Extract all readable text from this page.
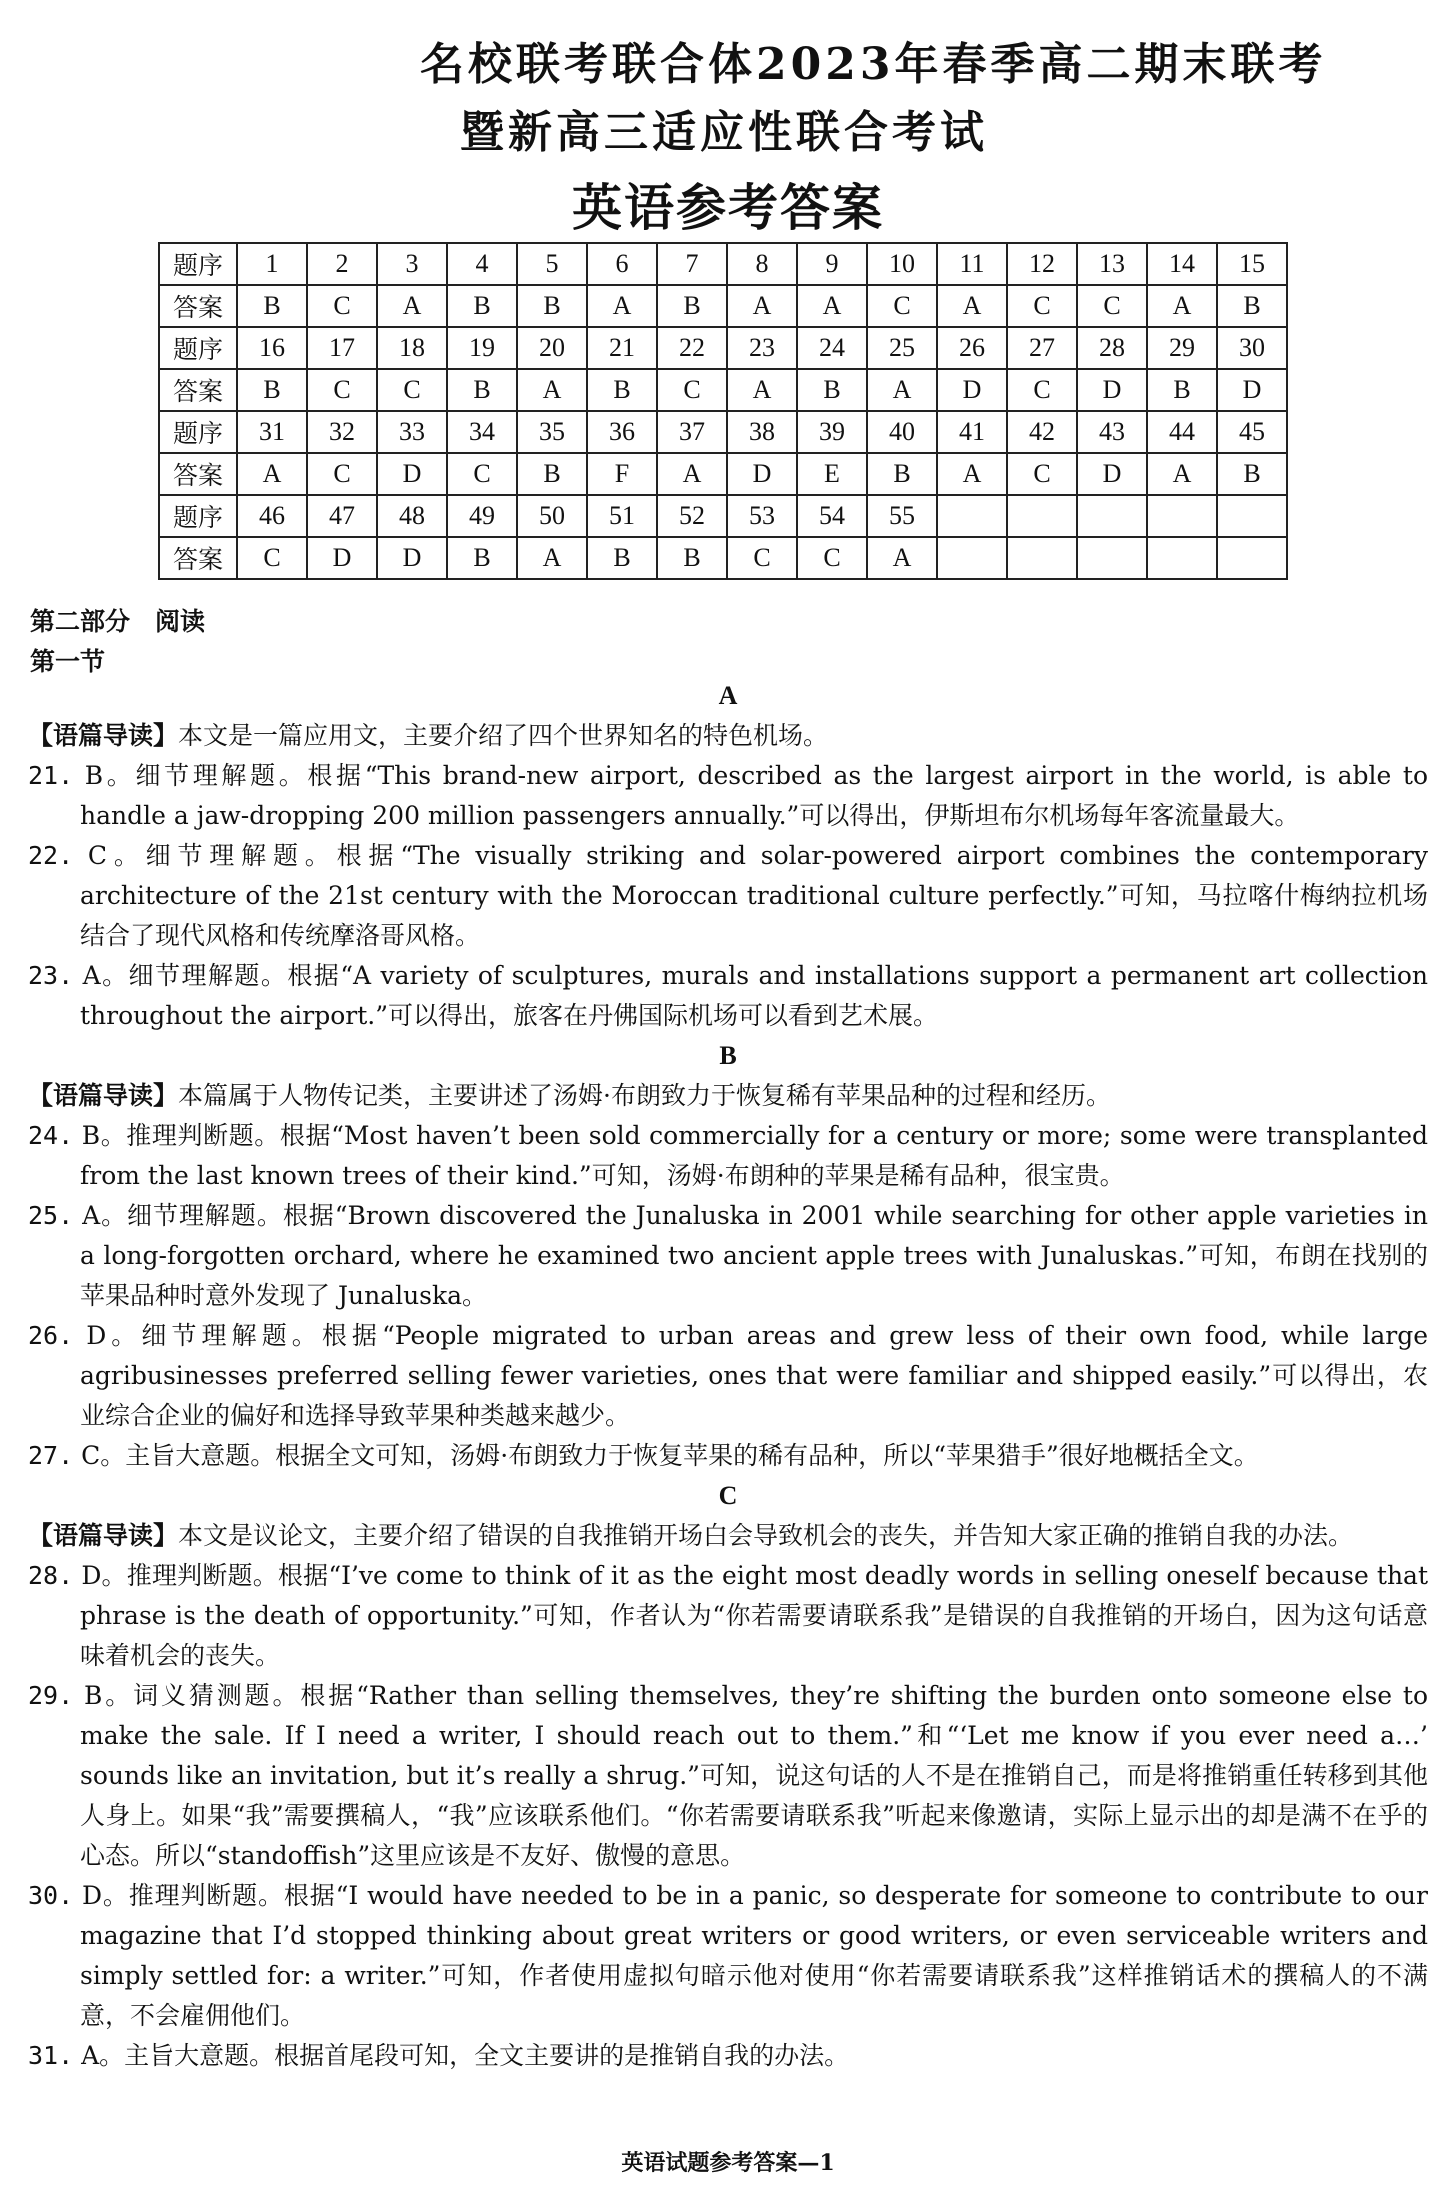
名校联考联合体2023年春季高二期末联考
暨新高三适应性联合考试
英语参考答案
题序	1	2	3	4	5	6	7	8	9	10	11	12	13	14	15
答案	B	C	A	B	B	A	B	A	A	C	A	C	C	A	B
题序	16	17	18	19	20	21	22	23	24	25	26	27	28	29	30
答案	B	C	C	B	A	B	C	A	B	A	D	C	D	B	D
题序	31	32	33	34	35	36	37	38	39	40	41	42	43	44	45
答案	A	C	D	C	B	F	A	D	E	B	A	C	D	A	B
题序	46	47	48	49	50	51	52	53	54	55					
答案	C	D	D	B	A	B	B	C	C	A					
第二部分　阅读
第一节

A

【语篇导读】本文是一篇应用文，主要介绍了四个世界知名的特色机场。

21. B。细节理解题。根据“This brand-new airport, described as the largest airport in the world, is able to handle a jaw-dropping 200 million passengers annually.”可以得出，伊斯坦布尔机场每年客流量最大。

22. C。细节理解题。根据“The visually striking and solar-powered airport combines the contemporary architecture of the 21st century with the Moroccan traditional culture perfectly.”可知，马拉喀什梅纳拉机场结合了现代风格和传统摩洛哥风格。

23. A。细节理解题。根据“A variety of sculptures, murals and installations support a permanent art collection throughout the airport.”可以得出，旅客在丹佛国际机场可以看到艺术展。

B

【语篇导读】本篇属于人物传记类，主要讲述了汤姆·布朗致力于恢复稀有苹果品种的过程和经历。

24. B。推理判断题。根据“Most haven’t been sold commercially for a century or more; some were transplanted from the last known trees of their kind.”可知，汤姆·布朗种的苹果是稀有品种，很宝贵。

25. A。细节理解题。根据“Brown discovered the Junaluska in 2001 while searching for other apple varieties in a long-forgotten orchard, where he examined two ancient apple trees with Junaluskas.”可知，布朗在找别的苹果品种时意外发现了 Junaluska。

26. D。细节理解题。根据“People migrated to urban areas and grew less of their own food, while large agribusinesses preferred selling fewer varieties, ones that were familiar and shipped easily.”可以得出，农业综合企业的偏好和选择导致苹果种类越来越少。

27. C。主旨大意题。根据全文可知，汤姆·布朗致力于恢复苹果的稀有品种，所以“苹果猎手”很好地概括全文。

C

【语篇导读】本文是议论文，主要介绍了错误的自我推销开场白会导致机会的丧失，并告知大家正确的推销自我的办法。

28. D。推理判断题。根据“I’ve come to think of it as the eight most deadly words in selling oneself because that phrase is the death of opportunity.”可知，作者认为“你若需要请联系我”是错误的自我推销的开场白，因为这句话意味着机会的丧失。

29. B。词义猜测题。根据“Rather than selling themselves, they’re shifting the burden onto someone else to make the sale. If I need a writer, I should reach out to them.”和“‘Let me know if you ever need a…’ sounds like an invitation, but it’s really a shrug.”可知，说这句话的人不是在推销自己，而是将推销重任转移到其他人身上。如果“我”需要撰稿人，“我”应该联系他们。“你若需要请联系我”听起来像邀请，实际上显示出的却是满不在乎的心态。所以“standoffish”这里应该是不友好、傲慢的意思。

30. D。推理判断题。根据“I would have needed to be in a panic, so desperate for someone to contribute to our magazine that I’d stopped thinking about great writers or good writers, or even serviceable writers and simply settled for: a writer.”可知，作者使用虚拟句暗示他对使用“你若需要请联系我”这样推销话术的撰稿人的不满意，不会雇佣他们。

31. A。主旨大意题。根据首尾段可知，全文主要讲的是推销自我的办法。

英语试题参考答案—1
